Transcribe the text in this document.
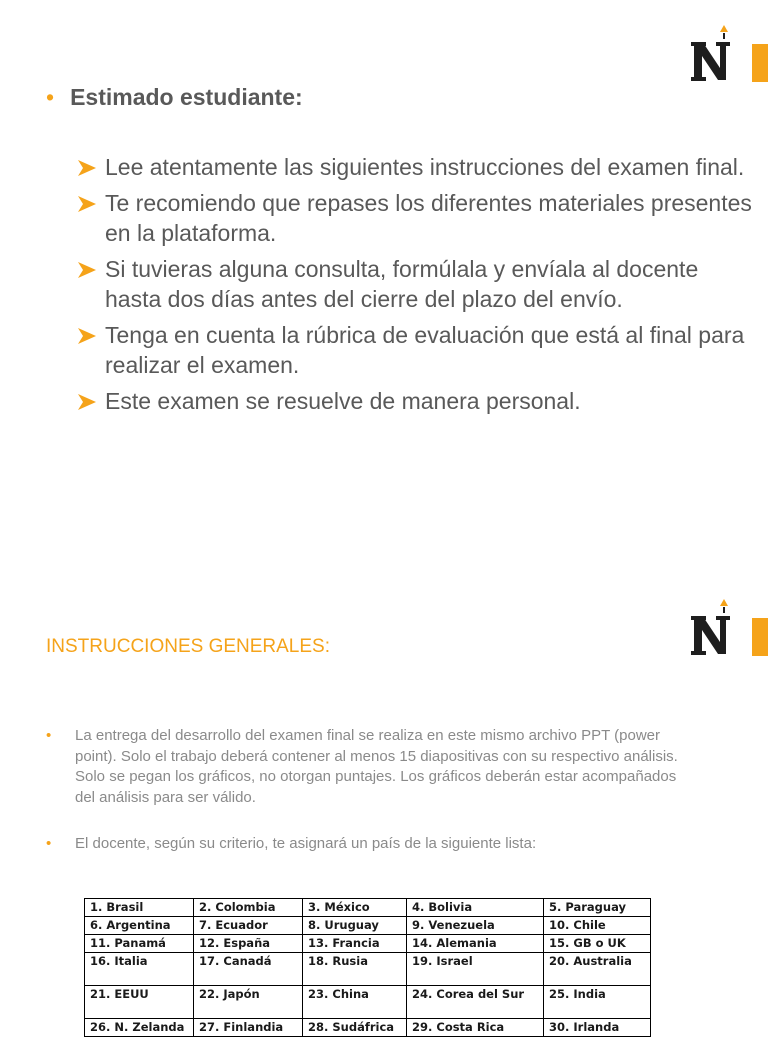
• Estimado estudiante:
Lee atentamente las siguientes instrucciones del examen final.
Te recomiendo que repases los diferentes materiales presentes en la plataforma.
Si tuvieras alguna consulta, formúlala y envíala al docente hasta dos días antes del cierre del plazo del envío.
Tenga en cuenta la rúbrica de evaluación que está al final para realizar el examen.
Este examen se resuelve de manera personal.
INSTRUCCIONES GENERALES:
• La entrega del desarrollo del examen final se realiza en este mismo archivo PPT (power point). Solo el trabajo deberá contener al menos 15 diapositivas con su respectivo análisis. Solo se pegan los gráficos, no otorgan puntajes. Los gráficos deberán estar acompañados del análisis para ser válido.
• El docente, según su criterio, te asignará un país de la siguiente lista:
1. Brasil	2. Colombia	3. México	4. Bolivia	5. Paraguay
6. Argentina	7. Ecuador	8. Uruguay	9. Venezuela	10. Chile
11. Panamá	12. España	13. Francia	14. Alemania	15. GB o UK
16. Italia	17. Canadá	18. Rusia	19. Israel	20. Australia
21. EEUU	22. Japón	23. China	24. Corea del Sur	25. India
26. N. Zelanda	27. Finlandia	28. Sudáfrica	29. Costa Rica	30. Irlanda
